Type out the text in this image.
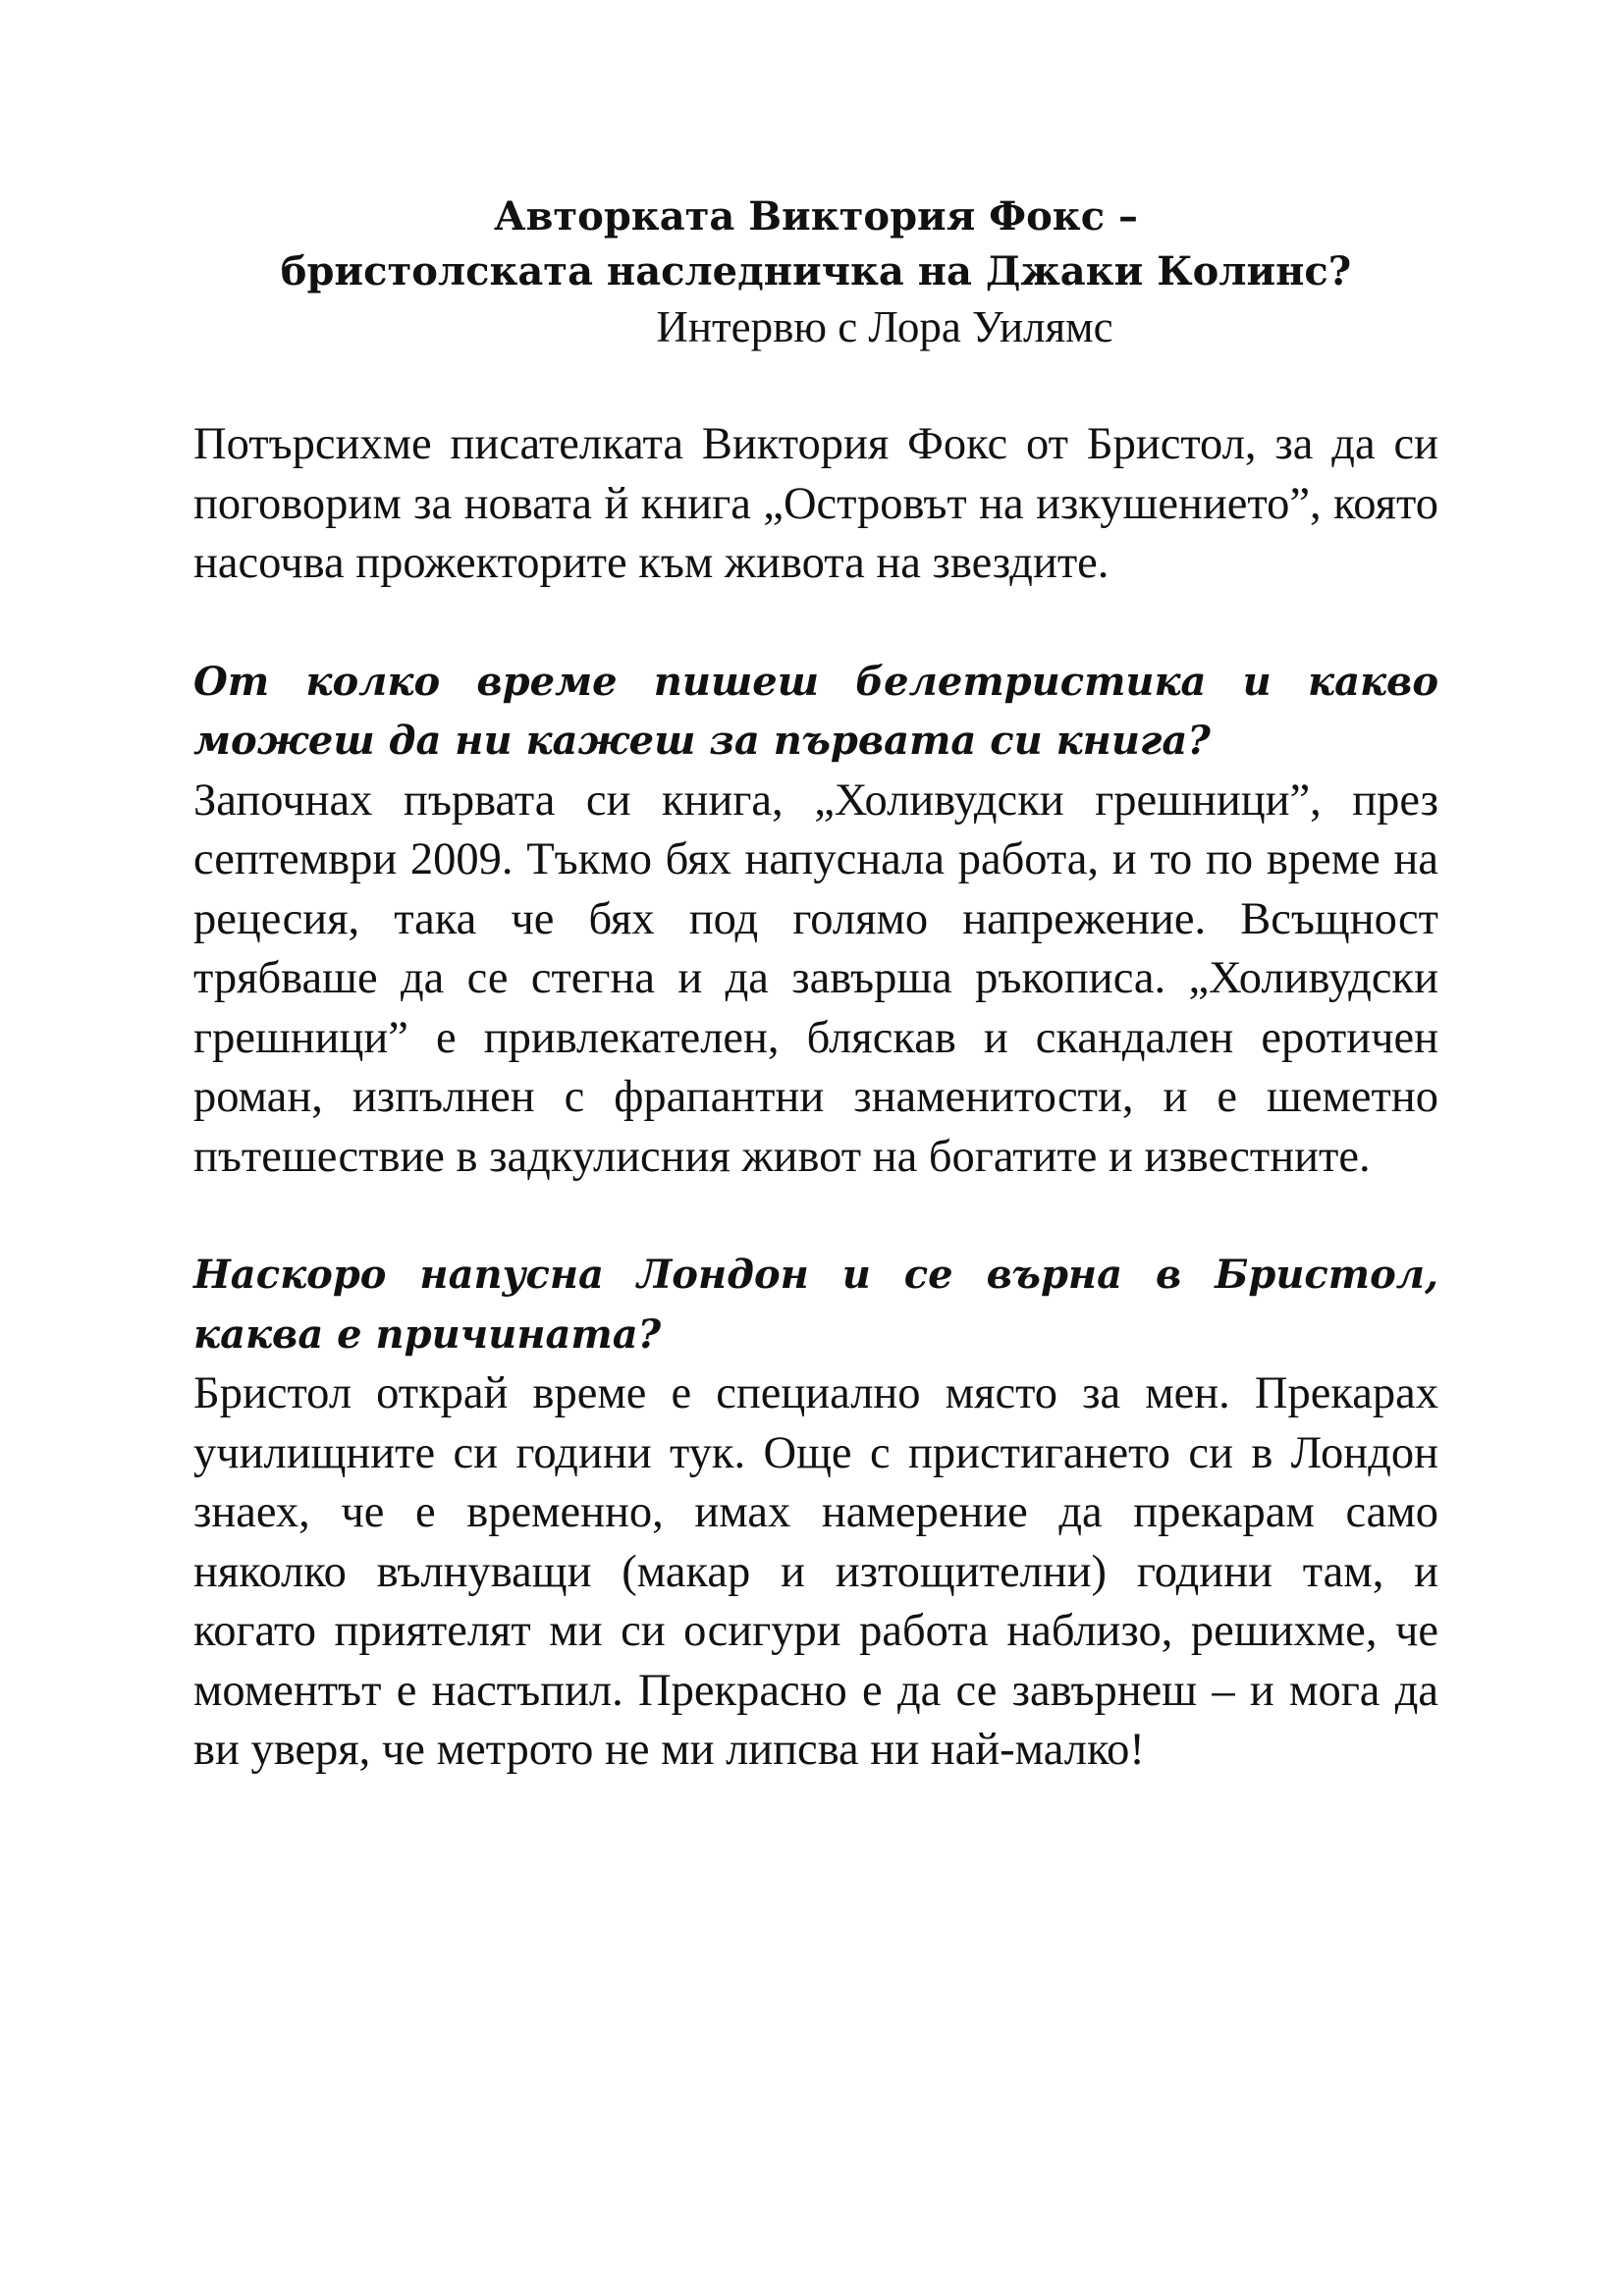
Авторката Виктория Фокс –
бристолската наследничка на Джаки Колинс?

Интервю с Лора Уилямс

Потърсихме писателката Виктория Фокс от Бристол, за да си поговорим за новата й книга „Островът на изкушението”, която насочва прожекторите към живота на звездите.

От колко време пишеш белетристика и какво можеш да ни кажеш за първата си книга?

Започнах първата си книга, „Холивудски грешници”, през септември 2009. Тъкмо бях напуснала работа, и то по време на рецесия, така че бях под голямо напрежение. Всъщност трябваше да се стегна и да завърша ръкописа. „Холивудски грешници” е привлекателен, бляскав и скандален еротичен роман, изпълнен с фрапантни знаменитости, и е шеметно пътешествие в задкулисния живот на богатите и известните.

Наскоро напусна Лондон и се върна в Бристол, каква е причината?

Бристол открай време е специално място за мен. Прекарах училищните си години тук. Още с пристигането си в Лондон знаех, че е временно, имах намерение да прекарам само няколко вълнуващи (макар и изтощителни) години там, и когато приятелят ми си осигури работа наблизо, решихме, че моментът е настъпил. Прекрасно е да се завърнеш – и мога да ви уверя, че метрото не ми липсва ни най-малко!
